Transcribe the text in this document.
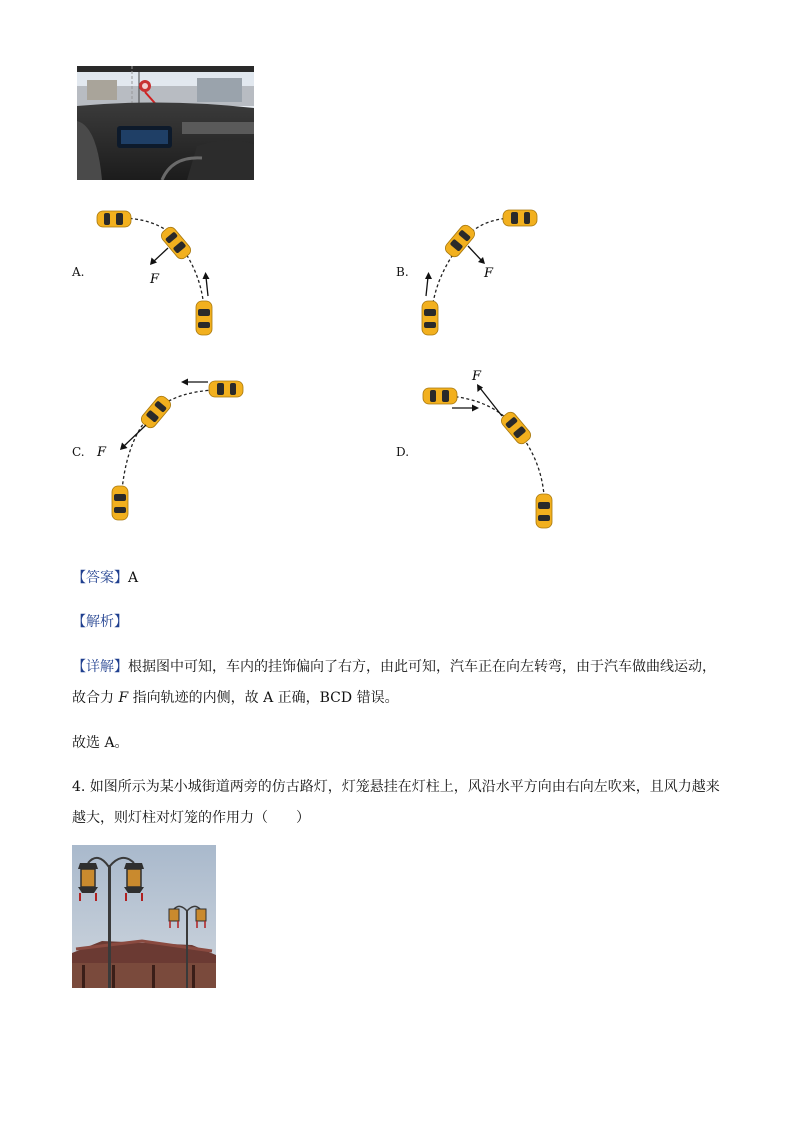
A.	F	B.	F
C. F	D.
F
【答案】A
【解析】
【详解】根据图中可知，车内的挂饰偏向了右方，由此可知，汽车正在向左转弯，由于汽车做曲线运动，
故合力 F 指向轨迹的内侧，故 A 正确，BCD 错误。
故选 A。
4. 如图所示为某小城街道两旁的仿古路灯，灯笼悬挂在灯柱上，风沿水平方向由右向左吹来，且风力越来
越大，则灯柱对灯笼的作用力（　　）
